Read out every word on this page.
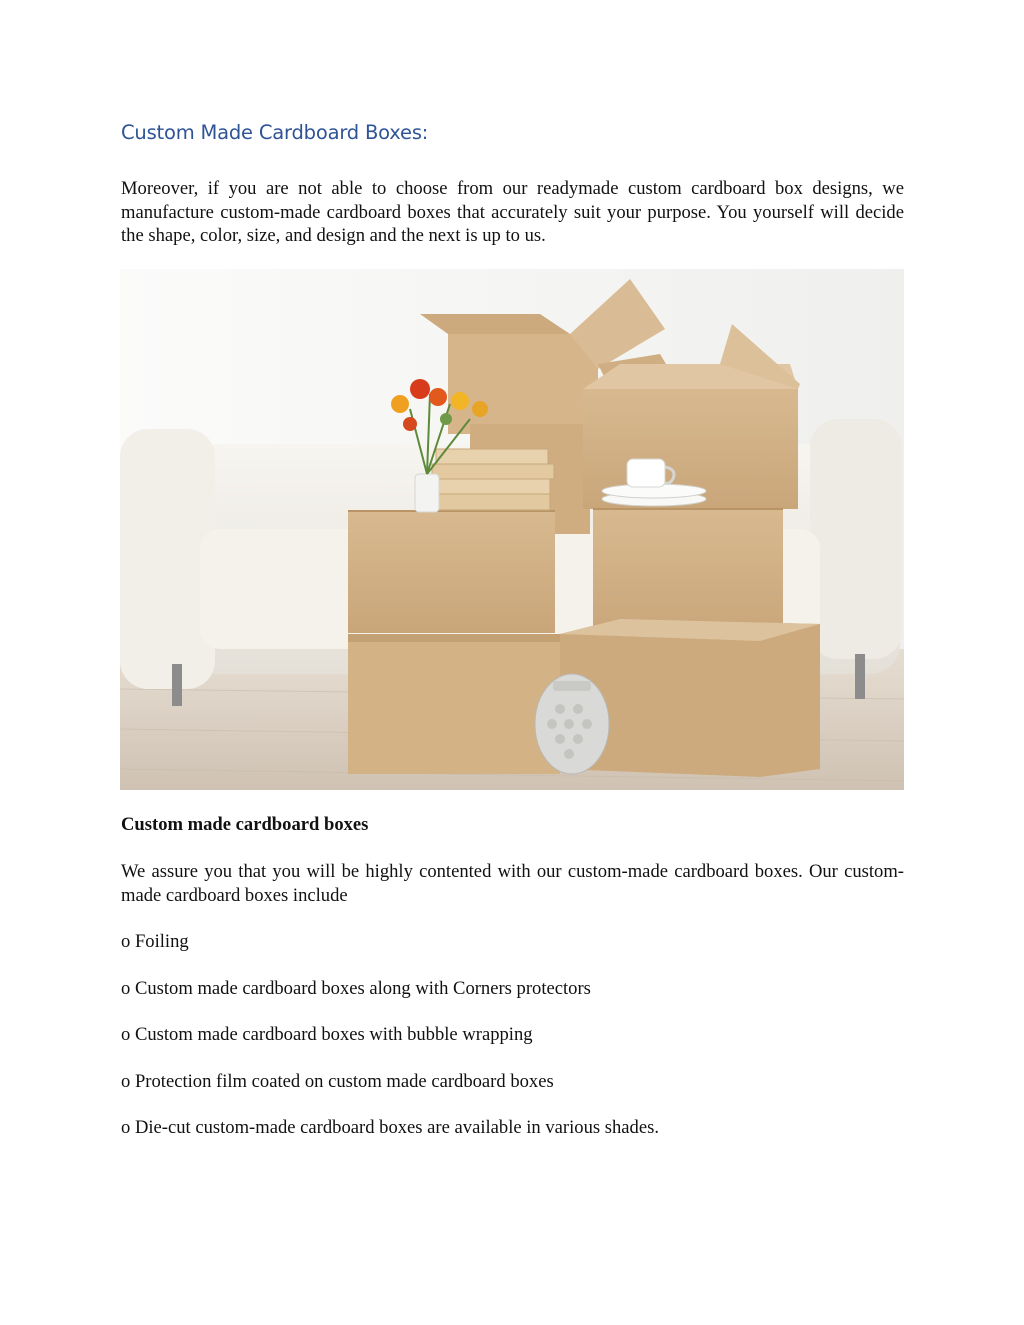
Custom Made Cardboard Boxes:

Moreover, if you are not able to choose from our readymade custom cardboard box designs, we manufacture custom-made cardboard boxes that accurately suit your purpose. You yourself will decide the shape, color, size, and design and the next is up to us.

Custom made cardboard boxes

We assure you that you will be highly contented with our custom-made cardboard boxes. Our custom-made cardboard boxes include

o Foiling

o Custom made cardboard boxes along with Corners protectors

o Custom made cardboard boxes with bubble wrapping

o Protection film coated on custom made cardboard boxes

o Die-cut custom-made cardboard boxes are available in various shades.
